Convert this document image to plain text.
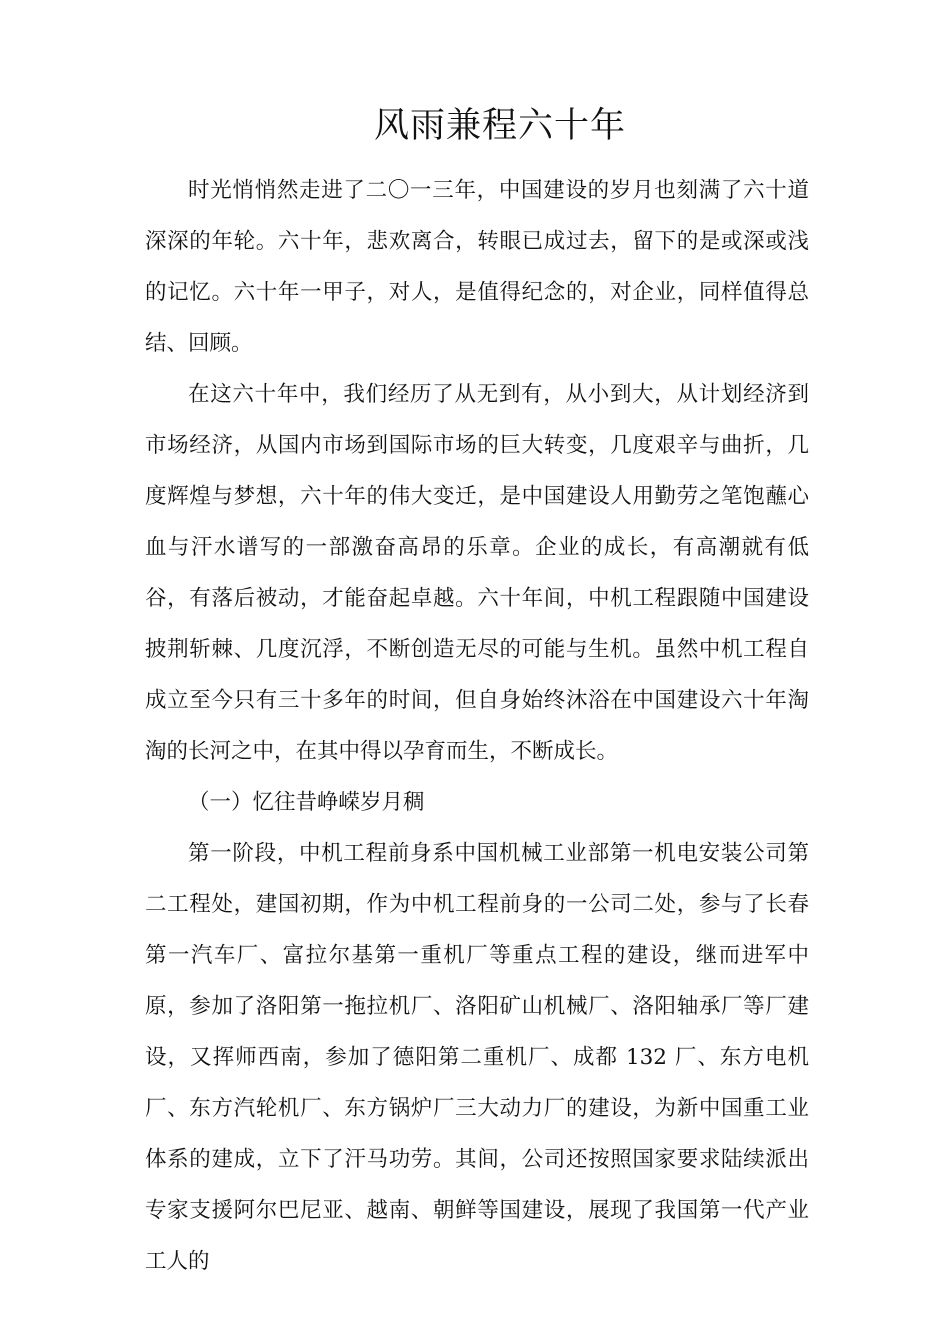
风雨兼程六十年

时光悄悄然走进了二〇一三年，中国建设的岁月也刻满了六十道深深的年轮。六十年，悲欢离合，转眼已成过去，留下的是或深或浅的记忆。六十年一甲子，对人，是值得纪念的，对企业，同样值得总结、回顾。

在这六十年中，我们经历了从无到有，从小到大，从计划经济到市场经济，从国内市场到国际市场的巨大转变，几度艰辛与曲折，几度辉煌与梦想，六十年的伟大变迁，是中国建设人用勤劳之笔饱蘸心血与汗水谱写的一部激奋高昂的乐章。企业的成长，有高潮就有低谷，有落后被动，才能奋起卓越。六十年间，中机工程跟随中国建设披荆斩棘、几度沉浮，不断创造无尽的可能与生机。虽然中机工程自成立至今只有三十多年的时间，但自身始终沐浴在中国建设六十年淘淘的长河之中，在其中得以孕育而生，不断成长。

（一）忆往昔峥嵘岁月稠

第一阶段，中机工程前身系中国机械工业部第一机电安装公司第二工程处，建国初期，作为中机工程前身的一公司二处，参与了长春第一汽车厂、富拉尔基第一重机厂等重点工程的建设，继而进军中原，参加了洛阳第一拖拉机厂、洛阳矿山机械厂、洛阳轴承厂等厂建设，又挥师西南，参加了德阳第二重机厂、成都 132 厂、东方电机厂、东方汽轮机厂、东方锅炉厂三大动力厂的建设，为新中国重工业体系的建成，立下了汗马功劳。其间，公司还按照国家要求陆续派出专家支援阿尔巴尼亚、越南、朝鲜等国建设，展现了我国第一代产业工人的
